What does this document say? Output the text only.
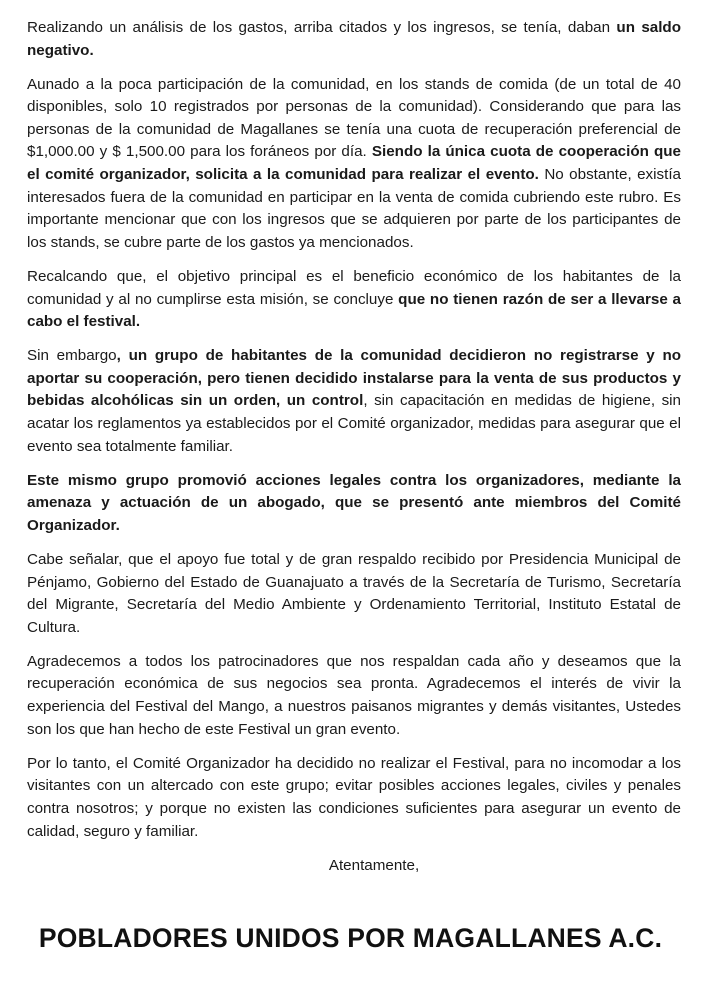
Realizando un análisis de los gastos, arriba citados y los ingresos, se tenía, daban un saldo negativo.

Aunado a la poca participación de la comunidad, en los stands de comida (de un total de 40 disponibles, solo 10 registrados por personas de la comunidad). Considerando que para las personas de la comunidad de Magallanes se tenía una cuota de recuperación preferencial de $1,000.00 y $ 1,500.00 para los foráneos por día. Siendo la única cuota de cooperación que el comité organizador, solicita a la comunidad para realizar el evento. No obstante, existía interesados fuera de la comunidad en participar en la venta de comida cubriendo este rubro. Es importante mencionar que con los ingresos que se adquieren por parte de los participantes de los stands, se cubre parte de los gastos ya mencionados.

Recalcando que, el objetivo principal es el beneficio económico de los habitantes de la comunidad y al no cumplirse esta misión, se concluye que no tienen razón de ser a llevarse a cabo el festival.

Sin embargo, un grupo de habitantes de la comunidad decidieron no registrarse y no aportar su cooperación, pero tienen decidido instalarse para la venta de sus productos y bebidas alcohólicas sin un orden, un control, sin capacitación en medidas de higiene, sin acatar los reglamentos ya establecidos por el Comité organizador, medidas para asegurar que el evento sea totalmente familiar.

Este mismo grupo promovió acciones legales contra los organizadores, mediante la amenaza y actuación de un abogado, que se presentó ante miembros del Comité Organizador.

Cabe señalar, que el apoyo fue total y de gran respaldo recibido por Presidencia Municipal de Pénjamo, Gobierno del Estado de Guanajuato a través de la Secretaría de Turismo, Secretaría del Migrante, Secretaría del Medio Ambiente y Ordenamiento Territorial, Instituto Estatal de Cultura.

Agradecemos a todos los patrocinadores que nos respaldan cada año y deseamos que la recuperación económica de sus negocios sea pronta. Agradecemos el interés de vivir la experiencia del Festival del Mango, a nuestros paisanos migrantes y demás visitantes, Ustedes son los que han hecho de este Festival un gran evento.

Por lo tanto, el Comité Organizador ha decidido no realizar el Festival, para no incomodar a los visitantes con un altercado con este grupo; evitar posibles acciones legales, civiles y penales contra nosotros; y porque no existen las condiciones suficientes para asegurar un evento de calidad, seguro y familiar.

Atentamente,

POBLADORES UNIDOS POR MAGALLANES A.C.
